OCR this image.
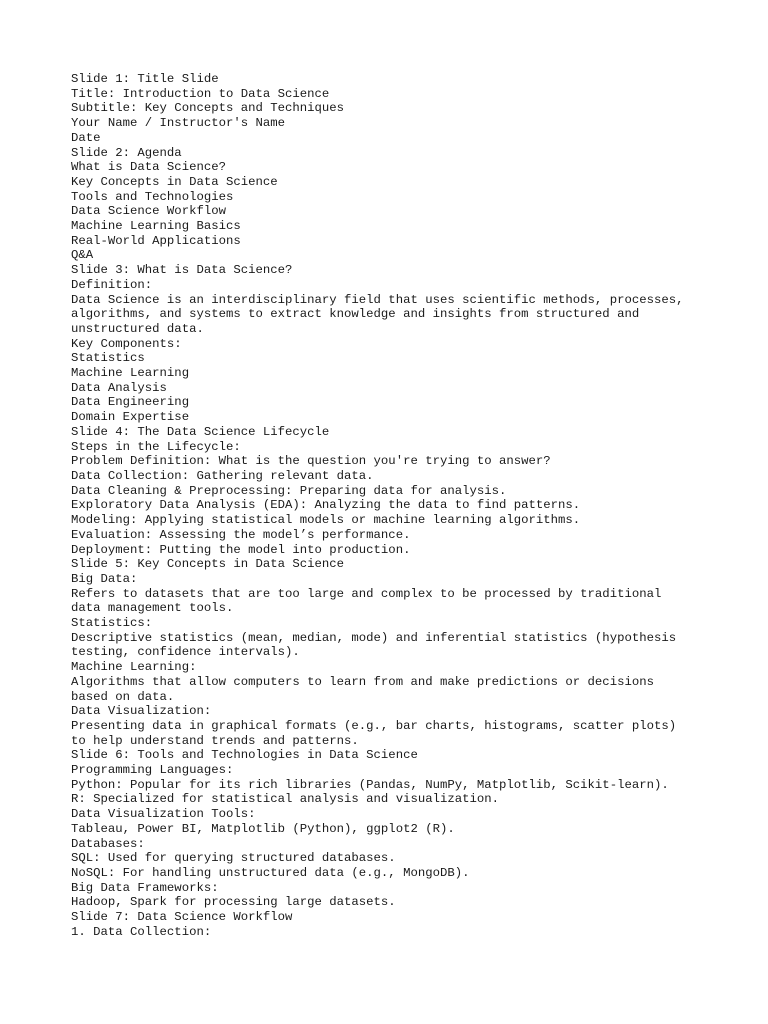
Slide 1: Title Slide
Title: Introduction to Data Science
Subtitle: Key Concepts and Techniques
Your Name / Instructor's Name
Date
Slide 2: Agenda
What is Data Science?
Key Concepts in Data Science
Tools and Technologies
Data Science Workflow
Machine Learning Basics
Real-World Applications
Q&A
Slide 3: What is Data Science?
Definition:
Data Science is an interdisciplinary field that uses scientific methods, processes,
algorithms, and systems to extract knowledge and insights from structured and
unstructured data.
Key Components:
Statistics
Machine Learning
Data Analysis
Data Engineering
Domain Expertise
Slide 4: The Data Science Lifecycle
Steps in the Lifecycle:
Problem Definition: What is the question you're trying to answer?
Data Collection: Gathering relevant data.
Data Cleaning & Preprocessing: Preparing data for analysis.
Exploratory Data Analysis (EDA): Analyzing the data to find patterns.
Modeling: Applying statistical models or machine learning algorithms.
Evaluation: Assessing the model’s performance.
Deployment: Putting the model into production.
Slide 5: Key Concepts in Data Science
Big Data:
Refers to datasets that are too large and complex to be processed by traditional
data management tools.
Statistics:
Descriptive statistics (mean, median, mode) and inferential statistics (hypothesis
testing, confidence intervals).
Machine Learning:
Algorithms that allow computers to learn from and make predictions or decisions
based on data.
Data Visualization:
Presenting data in graphical formats (e.g., bar charts, histograms, scatter plots)
to help understand trends and patterns.
Slide 6: Tools and Technologies in Data Science
Programming Languages:
Python: Popular for its rich libraries (Pandas, NumPy, Matplotlib, Scikit-learn).
R: Specialized for statistical analysis and visualization.
Data Visualization Tools:
Tableau, Power BI, Matplotlib (Python), ggplot2 (R).
Databases:
SQL: Used for querying structured databases.
NoSQL: For handling unstructured data (e.g., MongoDB).
Big Data Frameworks:
Hadoop, Spark for processing large datasets.
Slide 7: Data Science Workflow
1. Data Collection:
